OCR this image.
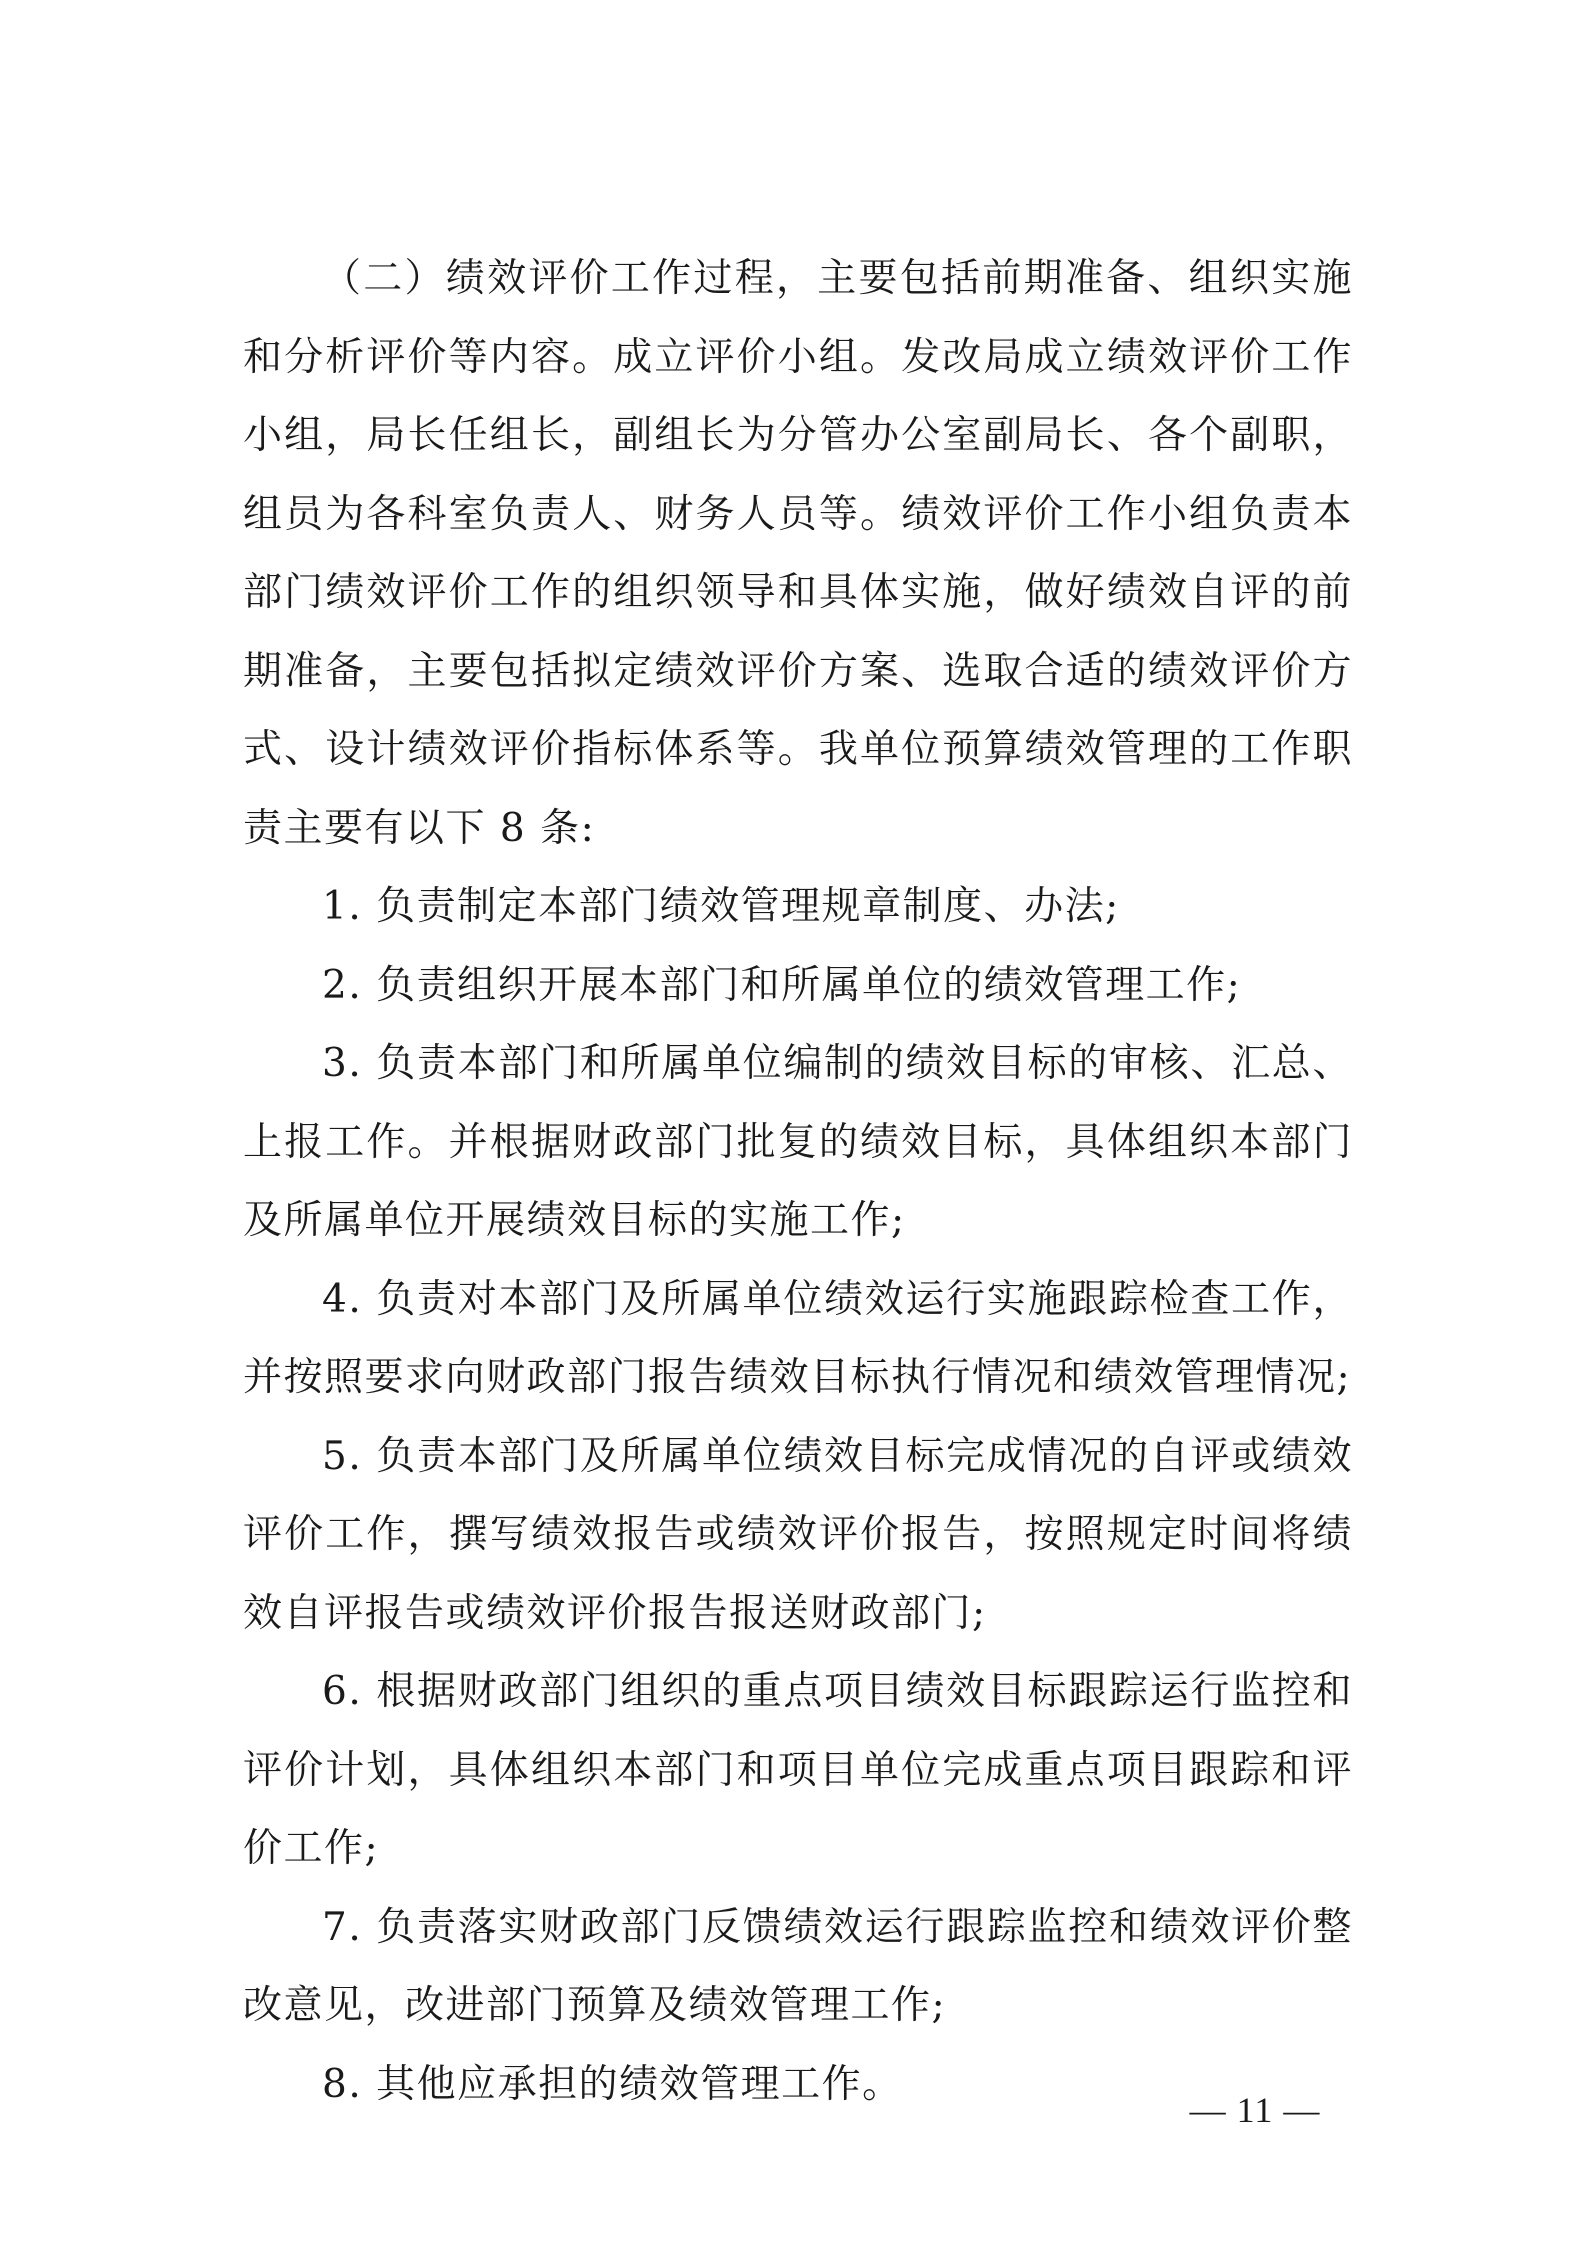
（二）绩效评价工作过程，主要包括前期准备、组织实施和分析评价等内容。成立评价小组。发改局成立绩效评价工作小组，局长任组长，副组长为分管办公室副局长、各个副职，组员为各科室负责人、财务人员等。绩效评价工作小组负责本部门绩效评价工作的组织领导和具体实施，做好绩效自评的前期准备，主要包括拟定绩效评价方案、选取合适的绩效评价方式、设计绩效评价指标体系等。我单位预算绩效管理的工作职责主要有以下 8 条:

1. 负责制定本部门绩效管理规章制度、办法;

2. 负责组织开展本部门和所属单位的绩效管理工作;

3. 负责本部门和所属单位编制的绩效目标的审核、汇总、上报工作。并根据财政部门批复的绩效目标，具体组织本部门及所属单位开展绩效目标的实施工作;

4. 负责对本部门及所属单位绩效运行实施跟踪检查工作，并按照要求向财政部门报告绩效目标执行情况和绩效管理情况;

5. 负责本部门及所属单位绩效目标完成情况的自评或绩效评价工作，撰写绩效报告或绩效评价报告，按照规定时间将绩效自评报告或绩效评价报告报送财政部门;

6. 根据财政部门组织的重点项目绩效目标跟踪运行监控和评价计划，具体组织本部门和项目单位完成重点项目跟踪和评价工作;

7. 负责落实财政部门反馈绩效运行跟踪监控和绩效评价整改意见，改进部门预算及绩效管理工作;

8. 其他应承担的绩效管理工作。

— 11 —
